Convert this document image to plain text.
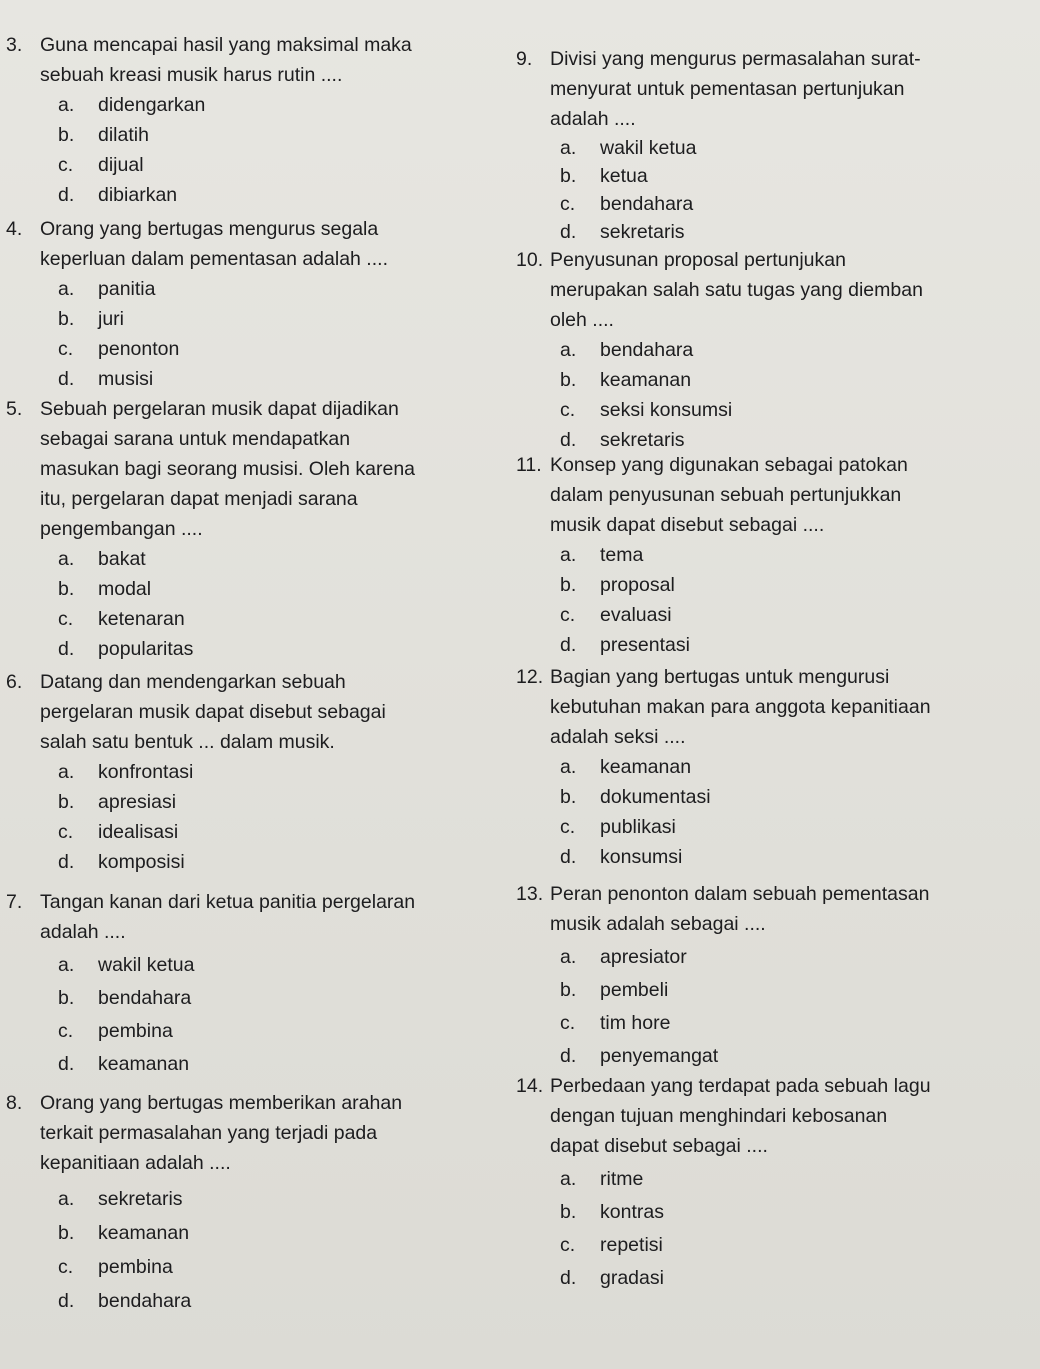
3. Guna mencapai hasil yang maksimal maka
sebuah kreasi musik harus rutin ....
a.	didengarkan
b.	dilatih
c.	dijual
d.	dibiarkan
4. Orang yang bertugas mengurus segala
keperluan dalam pementasan adalah ....
a.	panitia
b.	juri
c.	penonton
d.	musisi
5. Sebuah pergelaran musik dapat dijadikan
sebagai sarana untuk mendapatkan
masukan bagi seorang musisi. Oleh karena
itu, pergelaran dapat menjadi sarana
pengembangan ....
a.	bakat
b.	modal
c.	ketenaran
d.	popularitas
6. Datang dan mendengarkan sebuah
pergelaran musik dapat disebut sebagai
salah satu bentuk ... dalam musik.
a.	konfrontasi
b.	apresiasi
c.	idealisasi
d.	komposisi
7. Tangan kanan dari ketua panitia pergelaran
adalah ....
a.	wakil ketua
b.	bendahara
c.	pembina
d.	keamanan
8. Orang yang bertugas memberikan arahan
terkait permasalahan yang terjadi pada
kepanitiaan adalah ....
a.	sekretaris
b.	keamanan
c.	pembina
d.	bendahara
9. Divisi yang mengurus permasalahan surat-
menyurat untuk pementasan pertunjukan
adalah ....
a.	wakil ketua
b.	ketua
c.	bendahara
d.	sekretaris
10. Penyusunan proposal pertunjukan
merupakan salah satu tugas yang diemban
oleh ....
a.	bendahara
b.	keamanan
c.	seksi konsumsi
d.	sekretaris
11. Konsep yang digunakan sebagai patokan
dalam penyusunan sebuah pertunjukkan
musik dapat disebut sebagai ....
a.	tema
b.	proposal
c.	evaluasi
d.	presentasi
12. Bagian yang bertugas untuk mengurusi
kebutuhan makan para anggota kepanitiaan
adalah seksi ....
a.	keamanan
b.	dokumentasi
c.	publikasi
d.	konsumsi
13. Peran penonton dalam sebuah pementasan
musik adalah sebagai ....
a.	apresiator
b.	pembeli
c.	tim hore
d.	penyemangat
14. Perbedaan yang terdapat pada sebuah lagu
dengan tujuan menghindari kebosanan
dapat disebut sebagai ....
a.	ritme
b.	kontras
c.	repetisi
d.	gradasi
